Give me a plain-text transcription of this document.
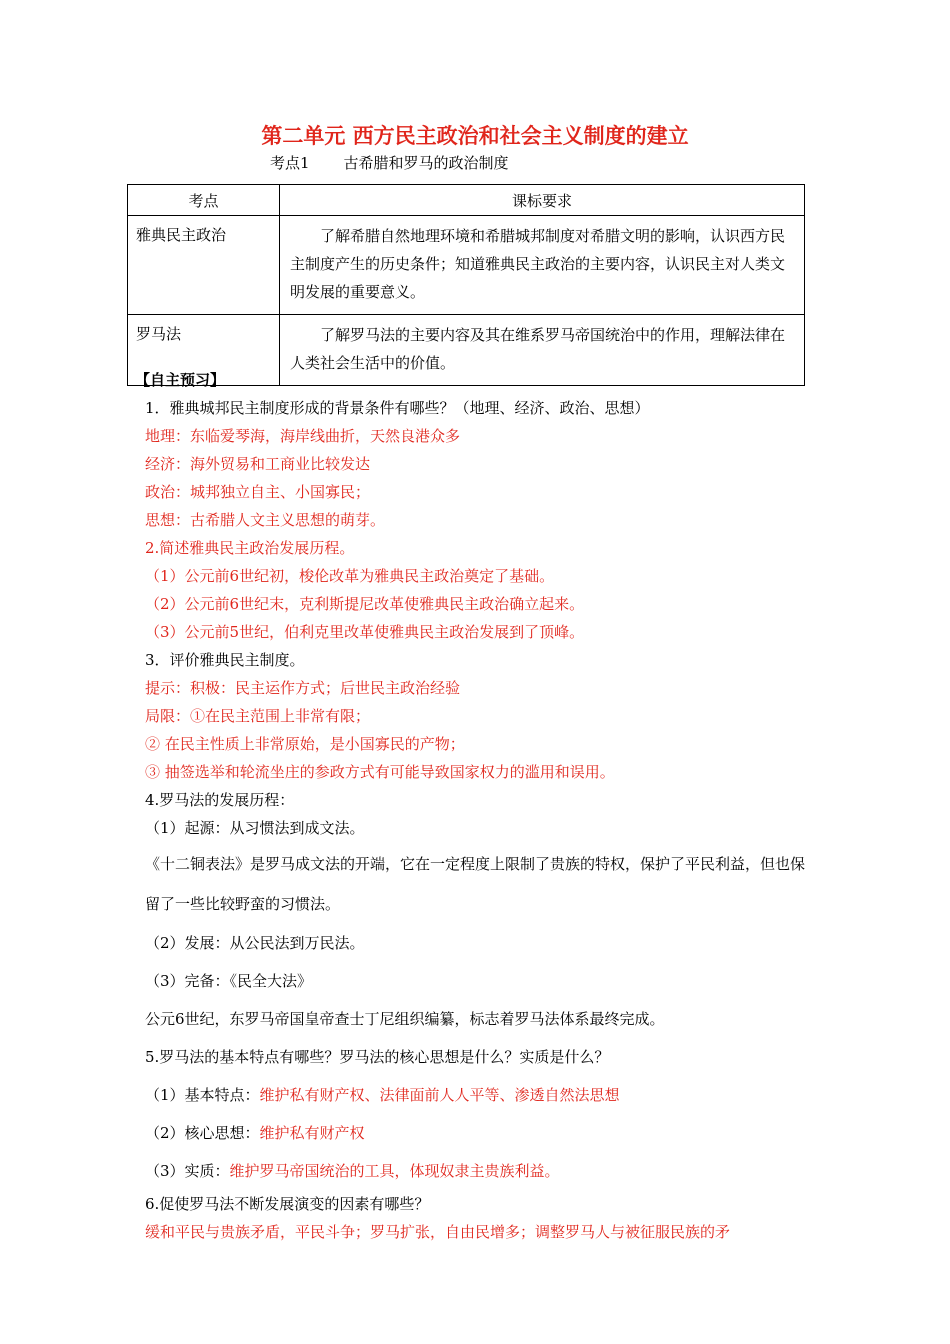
第二单元 西方民主政治和社会主义制度的建立
考点1 古希腊和罗马的政治制度
考点	课标要求
雅典民主政治	了解希腊自然地理环境和希腊城邦制度对希腊文明的影响，认识西方民主制度产生的历史条件；知道雅典民主政治的主要内容，认识民主对人类文明发展的重要意义。
罗马法	了解罗马法的主要内容及其在维系罗马帝国统治中的作用，理解法律在人类社会生活中的价值。
【自主预习】
1．雅典城邦民主制度形成的背景条件有哪些？（地理、经济、政治、思想）
地理：东临爱琴海，海岸线曲折，天然良港众多
经济：海外贸易和工商业比较发达
政治：城邦独立自主、小国寡民；
思想：古希腊人文主义思想的萌芽。
2.简述雅典民主政治发展历程。
（1）公元前6世纪初，梭伦改革为雅典民主政治奠定了基础。
（2）公元前6世纪末，克利斯提尼改革使雅典民主政治确立起来。
（3）公元前5世纪，伯利克里改革使雅典民主政治发展到了顶峰。
3．评价雅典民主制度。
提示：积极：民主运作方式；后世民主政治经验
局限：①在民主范围上非常有限；
② 在民主性质上非常原始，是小国寡民的产物；
③ 抽签选举和轮流坐庄的参政方式有可能导致国家权力的滥用和误用。
4.罗马法的发展历程：
（1）起源：从习惯法到成文法。
《十二铜表法》是罗马成文法的开端，它在一定程度上限制了贵族的特权，保护了平民利益，但也保留了一些比较野蛮的习惯法。
（2）发展：从公民法到万民法。
（3）完备：《民全大法》
公元6世纪，东罗马帝国皇帝查士丁尼组织编纂，标志着罗马法体系最终完成。
5.罗马法的基本特点有哪些？罗马法的核心思想是什么？实质是什么？
（1）基本特点：维护私有财产权、法律面前人人平等、渗透自然法思想
（2）核心思想：维护私有财产权
（3）实质：维护罗马帝国统治的工具，体现奴隶主贵族利益。
6.促使罗马法不断发展演变的因素有哪些？
缓和平民与贵族矛盾，平民斗争；罗马扩张，自由民增多；调整罗马人与被征服民族的矛
